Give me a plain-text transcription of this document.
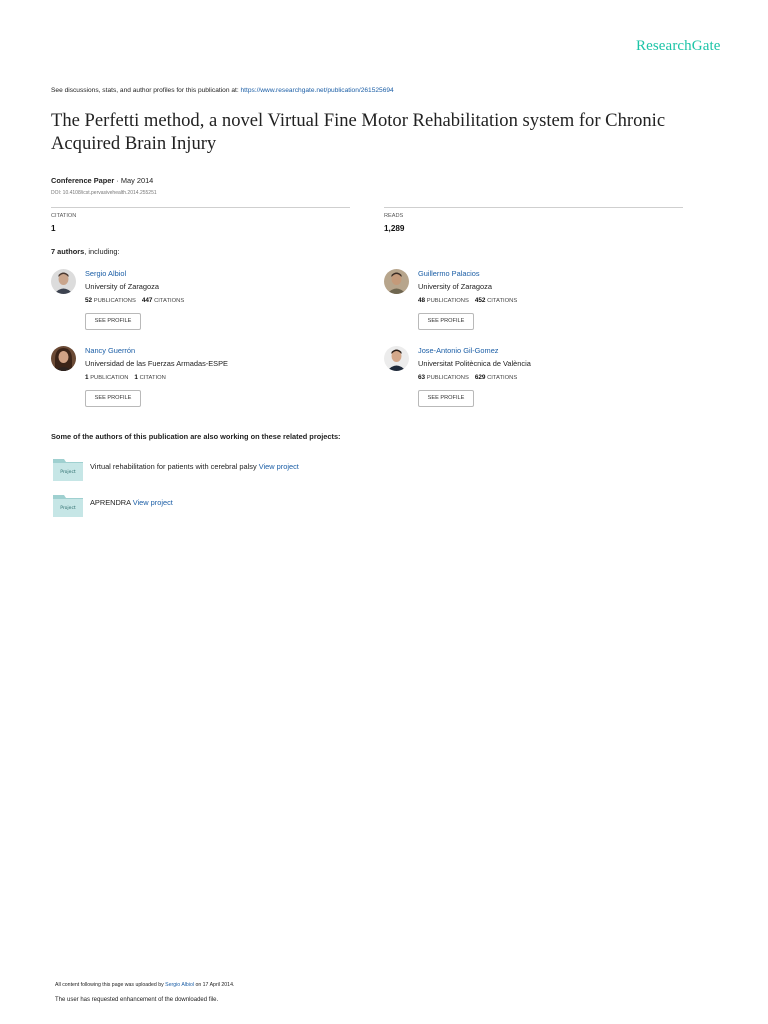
ResearchGate
See discussions, stats, and author profiles for this publication at: https://www.researchgate.net/publication/261525694
The Perfetti method, a novel Virtual Fine Motor Rehabilitation system for Chronic Acquired Brain Injury
Conference Paper · May 2014
DOI: 10.4108/icst.pervasivehealth.2014.255251
CITATION
1
READS
1,289
7 authors, including:
Sergio Albiol
University of Zaragoza
52 PUBLICATIONS 447 CITATIONS
SEE PROFILE
Guillermo Palacios
University of Zaragoza
48 PUBLICATIONS 452 CITATIONS
SEE PROFILE
Nancy Guerrón
Universidad de las Fuerzas Armadas-ESPE
1 PUBLICATION 1 CITATION
SEE PROFILE
Jose-Antonio Gil-Gomez
Universitat Politècnica de València
63 PUBLICATIONS 629 CITATIONS
SEE PROFILE
Some of the authors of this publication are also working on these related projects:
Project
Virtual rehabilitation for patients with cerebral palsy View project
Project
APRENDRA View project
All content following this page was uploaded by Sergio Albiol on 17 April 2014.
The user has requested enhancement of the downloaded file.
